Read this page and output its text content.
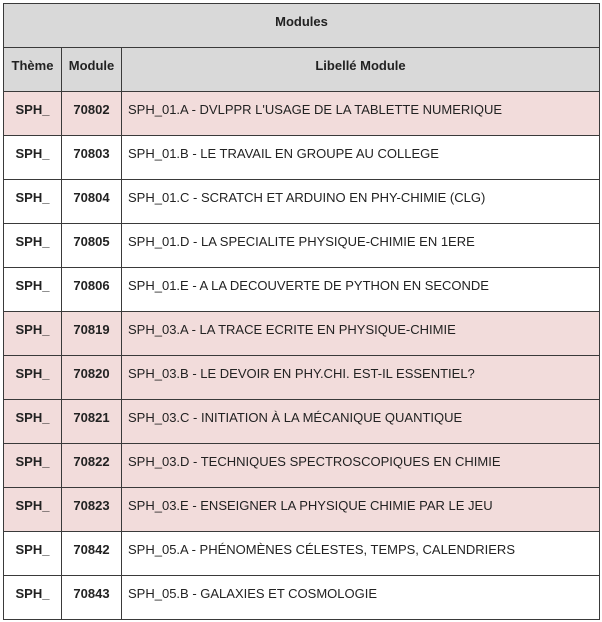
Modules		
Thème	Module	Libellé Module
SPH_	70802	SPH_01.A - DVLPPR L'USAGE DE LA TABLETTE NUMERIQUE
SPH_	70803	SPH_01.B - LE TRAVAIL EN GROUPE AU COLLEGE
SPH_	70804	SPH_01.C - SCRATCH ET ARDUINO EN PHY-CHIMIE (CLG)
SPH_	70805	SPH_01.D - LA SPECIALITE PHYSIQUE-CHIMIE EN 1ERE
SPH_	70806	SPH_01.E - A LA DECOUVERTE DE PYTHON EN SECONDE
SPH_	70819	SPH_03.A - LA TRACE ECRITE EN PHYSIQUE-CHIMIE
SPH_	70820	SPH_03.B - LE DEVOIR EN PHY.CHI. EST-IL ESSENTIEL?
SPH_	70821	SPH_03.C - INITIATION À LA MÉCANIQUE QUANTIQUE
SPH_	70822	SPH_03.D - TECHNIQUES SPECTROSCOPIQUES EN CHIMIE
SPH_	70823	SPH_03.E - ENSEIGNER LA PHYSIQUE CHIMIE PAR LE JEU
SPH_	70842	SPH_05.A - PHÉNOMÈNES CÉLESTES, TEMPS, CALENDRIERS
SPH_	70843	SPH_05.B - GALAXIES ET COSMOLOGIE
